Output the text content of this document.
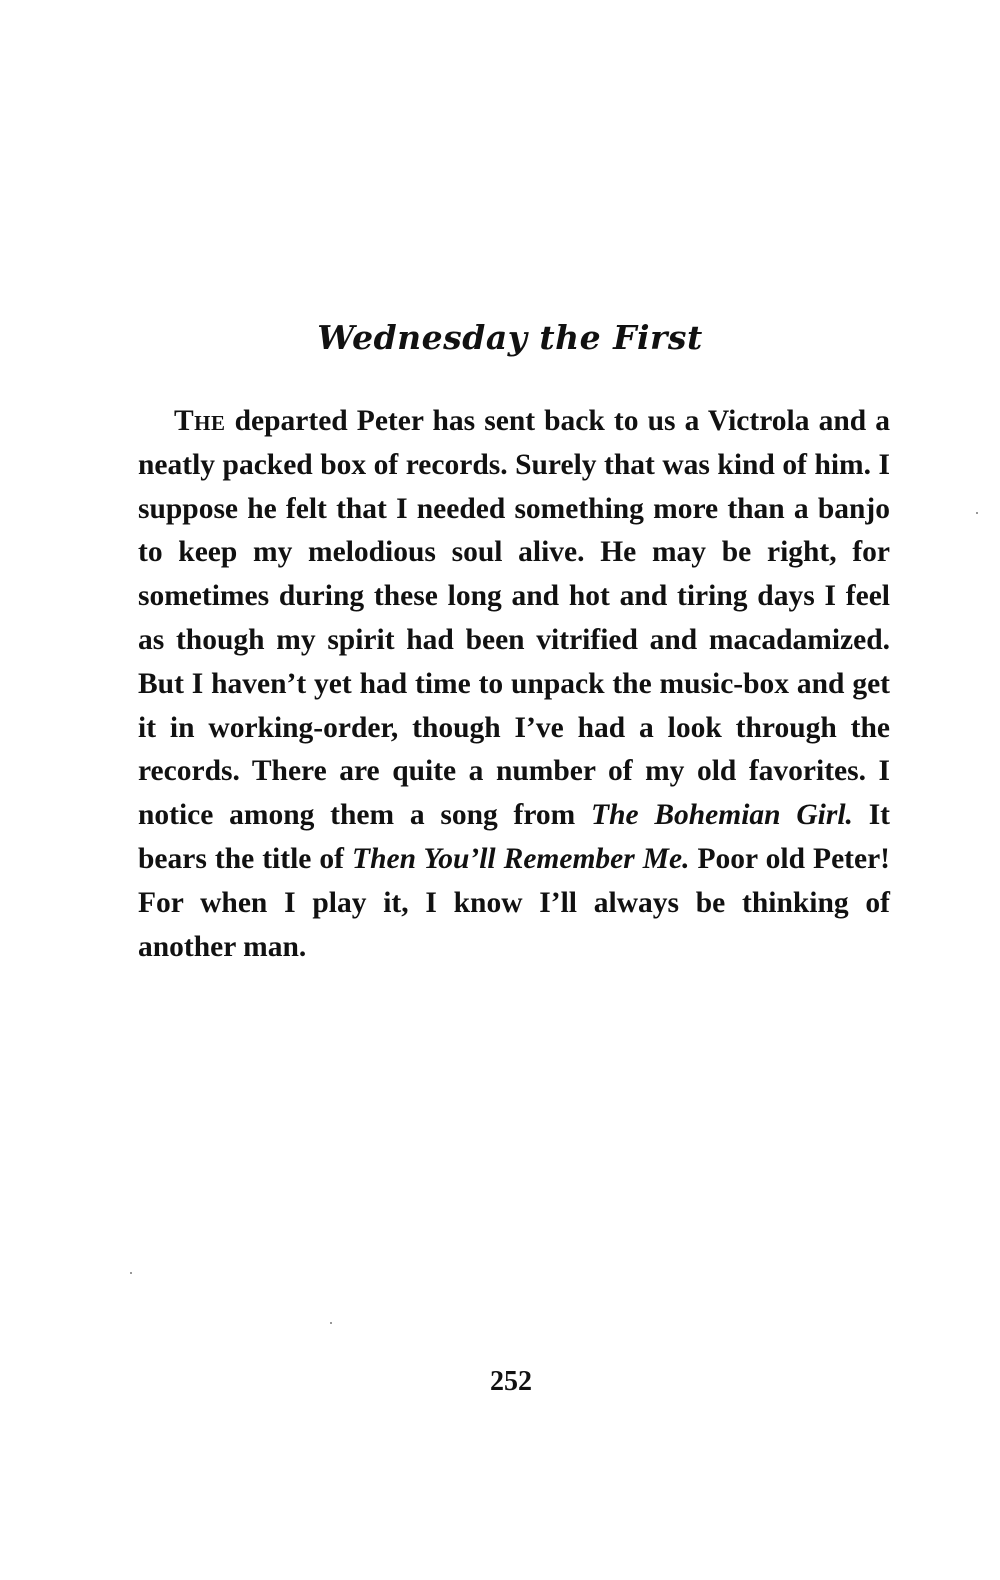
Wednesday the First

The departed Peter has sent back to us a Victrola and a neatly packed box of records. Surely that was kind of him. I suppose he felt that I needed something more than a banjo to keep my melodious soul alive. He may be right, for sometimes during these long and hot and tiring days I feel as though my spirit had been vitrified and macadamized. But I haven’t yet had time to unpack the music-box and get it in working-order, though I’ve had a look through the records. There are quite a number of my old favorites. I notice among them a song from The Bohemian Girl. It bears the title of Then You’ll Remember Me. Poor old Peter! For when I play it, I know I’ll always be thinking of another man.

252
